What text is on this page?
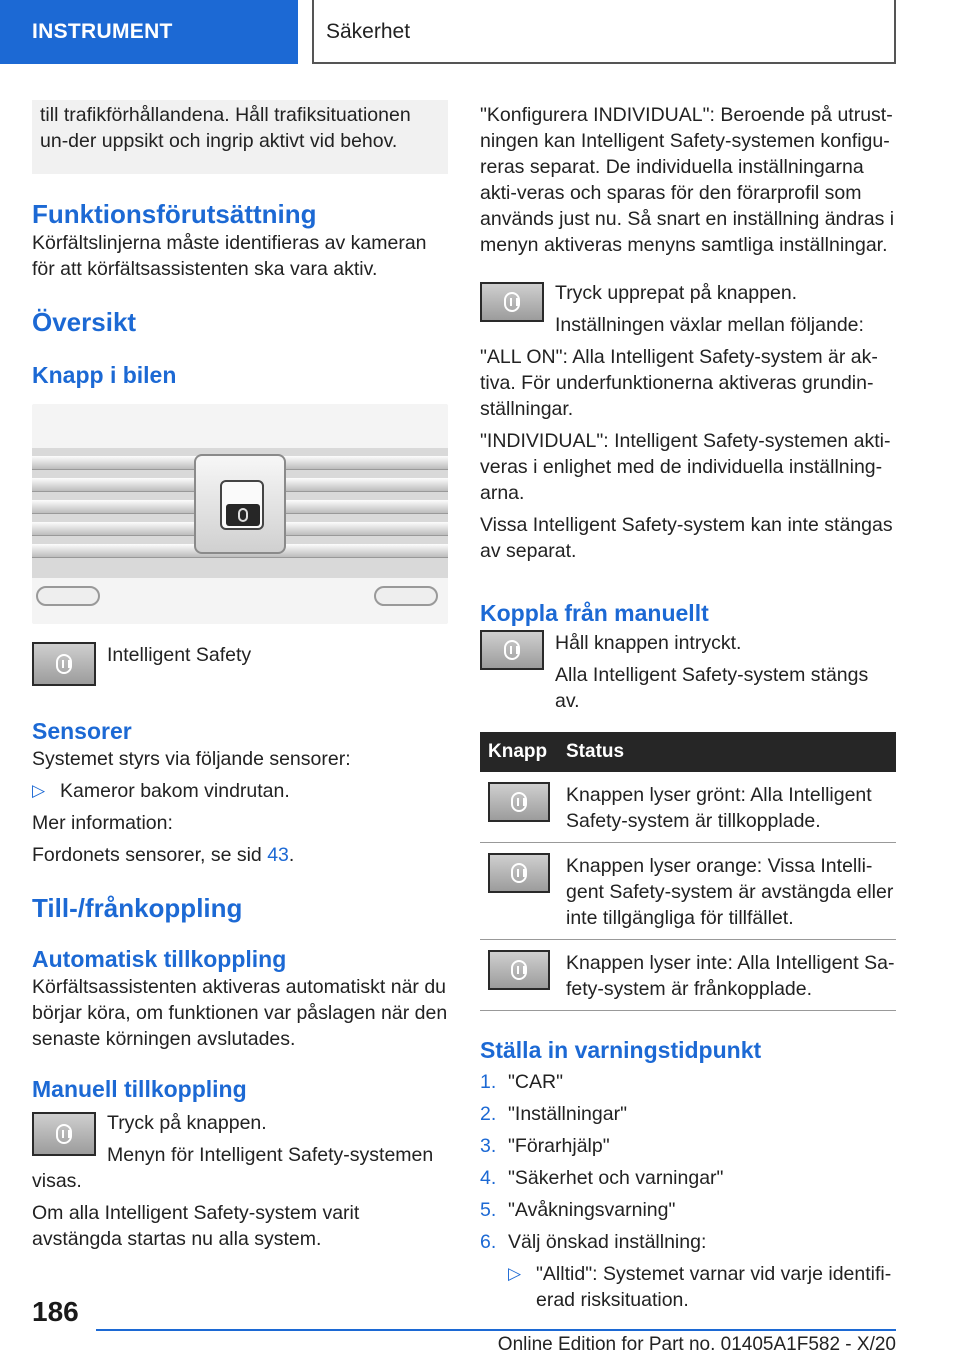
INSTRUMENT	Säkerhet

till trafikförhållandena. Håll trafiksituationen un-der uppsikt och ingrip aktivt vid behov.

Funktionsförutsättning

Körfältslinjerna måste identifieras av kameran för att körfältsassistenten ska vara aktiv.

Översikt
Knapp i bilen

Intelligent Safety

Sensorer

Systemet styrs via följande sensorer:

▷ Kameror bakom vindrutan.

Mer information:

Fordonets sensorer, se sid 43.

Till-/frånkoppling
Automatisk tillkoppling

Körfältsassistenten aktiveras automatiskt när du börjar köra, om funktionen var påslagen när den senaste körningen avslutades.

Manuell tillkoppling

Tryck på knappen.

Menyn för Intelligent Safety-systemen

visas.

Om alla Intelligent Safety-system varit avstängda startas nu alla system.

"Konfigurera INDIVIDUAL": Beroende på utrust-ningen kan Intelligent Safety-systemen konfigu-reras separat. De individuella inställningarna akti-veras och sparas för den förarprofil som används just nu. Så snart en inställning ändras i menyn aktiveras menyns samtliga inställningar.

Tryck upprepat på knappen.

Inställningen växlar mellan följande:

"ALL ON": Alla Intelligent Safety-system är ak-tiva. För underfunktionerna aktiveras grundin-ställningar.

"INDIVIDUAL": Intelligent Safety-systemen akti-veras i enlighet med de individuella inställning-arna.

Vissa Intelligent Safety-system kan inte stängas av separat.

Koppla från manuellt

Håll knappen intryckt.

Alla Intelligent Safety-system stängs av.

Knapp	Status

	Knappen lyser grönt: Alla Intelligent Safety-system är tillkopplade.

	Knappen lyser orange: Vissa Intelli-gent Safety-system är avstängda eller inte tillgängliga för tillfället.

	Knappen lyser inte: Alla Intelligent Sa-fety-system är frånkopplade.
Ställa in varningstidpunkt
1. "CAR"

2. "Inställningar"

3. "Förarhjälp"

4. "Säkerhet och varningar"

5. "Avåkningsvarning"

6. Välj önskad inställning:

▷ "Alltid": Systemet varnar vid varje identifi-erad risksituation.

186
Online Edition for Part no. 01405A1F582 - X/20
